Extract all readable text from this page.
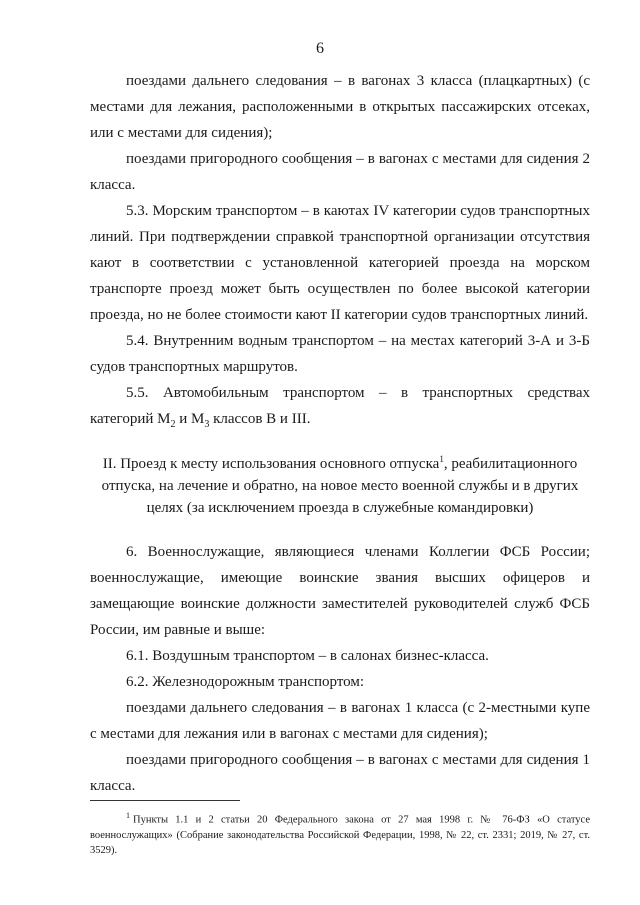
6

поездами дальнего следования – в вагонах 3 класса (плацкартных) (с местами для лежания, расположенными в открытых пассажирских отсеках, или с местами для сидения);

поездами пригородного сообщения – в вагонах с местами для сидения 2 класса.

5.3. Морским транспортом – в каютах IV категории судов транспортных линий. При подтверждении справкой транспортной организации отсутствия кают в соответствии с установленной категорией проезда на морском транспорте проезд может быть осуществлен по более высокой категории проезда, но не более стоимости кают II категории судов транспортных линий.

5.4. Внутренним водным транспортом – на местах категорий 3-А и 3-Б судов транспортных маршрутов.

5.5. Автомобильным транспортом – в транспортных средствах категорий $M_2$ и $M_3$ классов B и III.

II. Проезд к месту использования основного отпуска$^1$, реабилитационного отпуска, на лечение и обратно, на новое место военной службы и в других целях (за исключением проезда в служебные командировки)

6. Военнослужащие, являющиеся членами Коллегии ФСБ России; военнослужащие, имеющие воинские звания высших офицеров и замещающие воинские должности заместителей руководителей служб ФСБ России, им равные и выше:

6.1. Воздушным транспортом – в салонах бизнес-класса.

6.2. Железнодорожным транспортом:

поездами дальнего следования – в вагонах 1 класса (с 2-местными купе с местами для лежания или в вагонах с местами для сидения);

поездами пригородного сообщения – в вагонах с местами для сидения 1 класса.

$^1$ Пункты 1.1 и 2 статьи 20 Федерального закона от 27 мая 1998 г. № 76-ФЗ «О статусе военнослужащих» (Собрание законодательства Российской Федерации, 1998, № 22, ст. 2331; 2019, № 27, ст. 3529).
